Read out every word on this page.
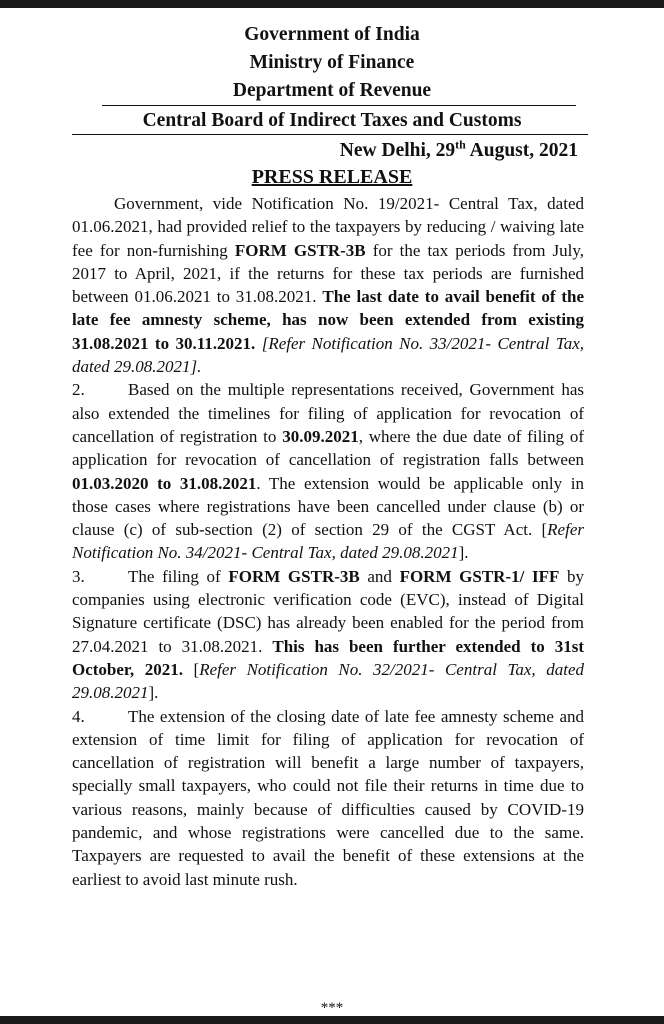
Government of India
Ministry of Finance
Department of Revenue
Central Board of Indirect Taxes and Customs
New Delhi, 29th August, 2021
PRESS RELEASE

Government, vide Notification No. 19/2021- Central Tax, dated 01.06.2021, had provided relief to the taxpayers by reducing / waiving late fee for non-furnishing FORM GSTR-3B for the tax periods from July, 2017 to April, 2021, if the returns for these tax periods are furnished between 01.06.2021 to 31.08.2021. The last date to avail benefit of the late fee amnesty scheme, has now been extended from existing 31.08.2021 to 30.11.2021. [Refer Notification No. 33/2021- Central Tax, dated 29.08.2021].

2.	Based on the multiple representations received, Government has also extended the timelines for filing of application for revocation of cancellation of registration to 30.09.2021, where the due date of filing of application for revocation of cancellation of registration falls between 01.03.2020 to 31.08.2021. The extension would be applicable only in those cases where registrations have been cancelled under clause (b) or clause (c) of sub-section (2) of section 29 of the CGST Act. [Refer Notification No. 34/2021- Central Tax, dated 29.08.2021].

3.	The filing of FORM GSTR-3B and FORM GSTR-1/ IFF by companies using electronic verification code (EVC), instead of Digital Signature certificate (DSC) has already been enabled for the period from 27.04.2021 to 31.08.2021. This has been further extended to 31st October, 2021. [Refer Notification No. 32/2021- Central Tax, dated 29.08.2021].

4.	The extension of the closing date of late fee amnesty scheme and extension of time limit for filing of application for revocation of cancellation of registration will benefit a large number of taxpayers, specially small taxpayers, who could not file their returns in time due to various reasons, mainly because of difficulties caused by COVID-19 pandemic, and whose registrations were cancelled due to the same. Taxpayers are requested to avail the benefit of these extensions at the earliest to avoid last minute rush.

***
